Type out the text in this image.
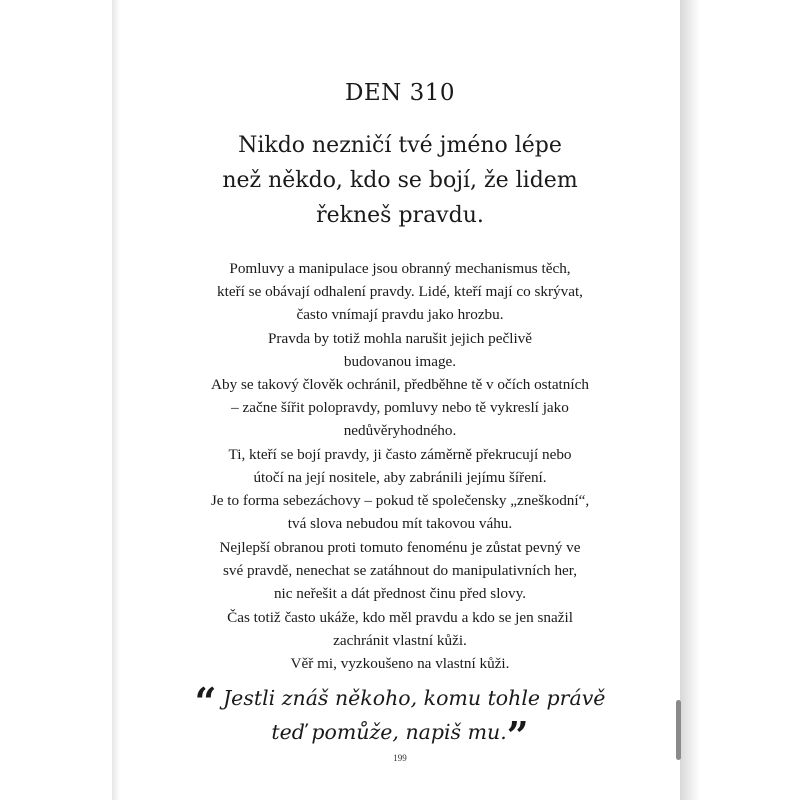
DEN 310
Nikdo nezničí tvé jméno lépe
než někdo, kdo se bojí, že lidem
řekneš pravdu.
Pomluvy a manipulace jsou obranný mechanismus těch,
kteří se obávají odhalení pravdy. Lidé, kteří mají co skrývat,
často vnímají pravdu jako hrozbu.
Pravda by totiž mohla narušit jejich pečlivě
budovanou image.
Aby se takový člověk ochránil, předběhne tě v očích ostatních
– začne šířit polopravdy, pomluvy nebo tě vykreslí jako
nedůvěryhodného.
Ti, kteří se bojí pravdy, ji často záměrně překrucují nebo
útočí na její nositele, aby zabránili jejímu šíření.
Je to forma sebezáchovy – pokud tě společensky „zneškodní“,
tvá slova nebudou mít takovou váhu.
Nejlepší obranou proti tomuto fenoménu je zůstat pevný ve
své pravdě, nenechat se zatáhnout do manipulativních her,
nic neřešit a dát přednost činu před slovy.
Čas totiž často ukáže, kdo měl pravdu a kdo se jen snažil
zachránit vlastní kůži.
Věř mi, vyzkoušeno na vlastní kůži.
“ Jestli znáš někoho, komu tohle právě
teď pomůže, napiš mu.”
199
